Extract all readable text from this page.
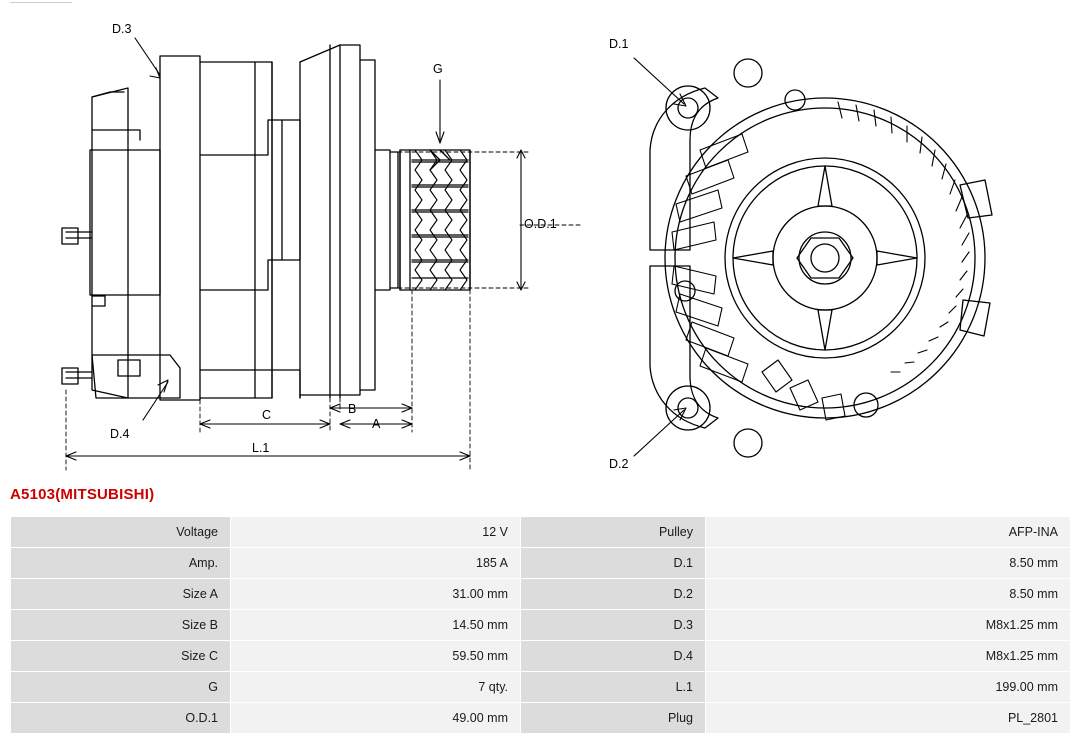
D.3
D.4
G
O.D.1
A
B
C
L.1
D.1
D.2
A5103(MITSUBISHI)
Voltage	12 V	Pulley	AFP-INA
Amp.	185 A	D.1	8.50 mm
Size A	31.00 mm	D.2	8.50 mm
Size B	14.50 mm	D.3	M8x1.25 mm
Size C	59.50 mm	D.4	M8x1.25 mm
G	7 qty.	L.1	199.00 mm
O.D.1	49.00 mm	Plug	PL_2801
